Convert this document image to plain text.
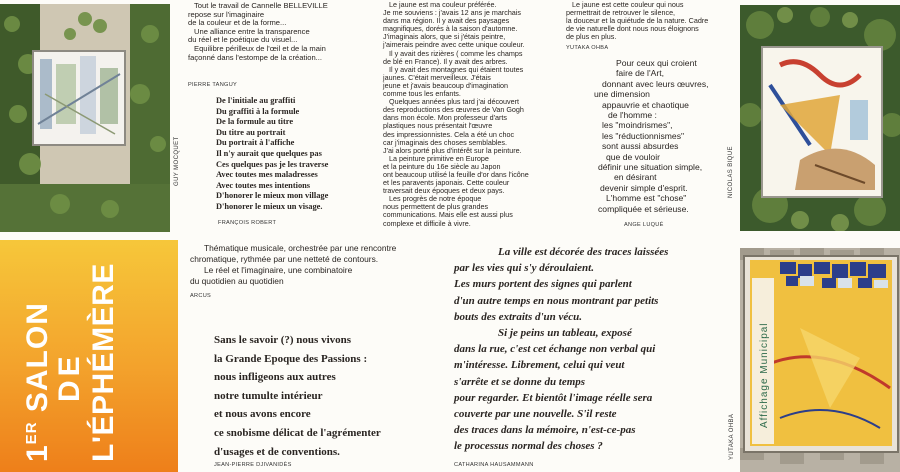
GUY MOCQUET

Tout le travail de Cannelle BELLEVILLE

repose sur l'imaginaire

de la couleur et de la forme...

Une alliance entre la transparence

du réel et le poétique du visuel...

Equilibre périlleux de l'œil et de la main

façonné dans l'estompe de la création...

PIERRE TANGUY

De l'initiale au graffiti

Du graffiti à la formule

De la formule au titre

Du titre au portrait

Du portrait à l'affiche

Il n'y aurait que quelques pas

Ces quelques pas je les traverse

Avec toutes mes maladresses

Avec toutes mes intentions

D'honorer le mieux mon village

D'honorer le mieux un visage.

FRANÇOIS ROBERT

Le jaune est ma couleur préférée.

Je me souviens : j'avais 12 ans je marchais

dans ma région. Il y avait des paysages

magnifiques, dorés à la saison d'automne.

J'imaginais alors, que si j'étais peintre,

j'aimerais peindre avec cette unique couleur.

Il y avait des rizières ( comme les champs

de blé en France). Il y avait des arbres.

Il y avait des montagnes qui étaient toutes

jaunes. C'était merveilleux. J'étais

jeune et j'avais beaucoup d'imagination

comme tous les enfants.

Quelques années plus tard j'ai découvert

des reproductions des œuvres de Van Gogh

dans mon école. Mon professeur d'arts

plastiques nous présentait l'œuvre

des impressionnistes. Cela a été un choc

car j'imaginais des choses semblables.

J'ai alors porté plus d'intérêt sur la peinture.

La peinture primitive en Europe

et la peinture du 16e siècle au Japon

ont beaucoup utilisé la feuille d'or dans l'icône

et les paravents japonais. Cette couleur

traversait deux époques et deux pays.

Les progrès de notre époque

nous permettent de plus grandes

communications. Mais elle est aussi plus

complexe et difficile à vivre.

Le jaune est cette couleur qui nous

permettrait de retrouver le silence,

la douceur et la quiétude de la nature. Cadre

de vie naturelle dont nous nous éloignons

de plus en plus.

YUTAKA OHBA

Pour ceux qui croient

faire de l'Art,

donnant avec leurs œuvres,

une dimension

appauvrie et chaotique

de l'homme :

les "moindrismes",

les "réductionnismes"

sont aussi absurdes

que de vouloir

définir une situation simple,

en désirant

devenir simple d'esprit.

L'homme est "chose"

compliquée et sérieuse.

ANGE LUQUÉ
NICOLAS BIQUE
1ER SALON DE L'ÉPHÉMÈRE

Thématique musicale, orchestrée par une rencontre

chromatique, rythmée par une netteté de contours.

Le réel et l'imaginaire, une combinatoire

du quotidien au quotidien

ARCUS

Sans le savoir (?) nous vivons

la Grande Epoque des Passions :

nous infligeons aux autres

notre tumulte intérieur

et nous avons encore

ce snobisme délicat de l'agrémenter

d'usages et de conventions.

JEAN-PIERRE DJIVANIDÈS

La ville est décorée des traces laissées

par les vies qui s'y déroulaient.

Les murs portent des signes qui parlent

d'un autre temps en nous montrant par petits

bouts des extraits d'un vécu.

Si je peins un tableau, exposé

dans la rue, c'est cet échange non verbal qui

m'intéresse. Librement, celui qui veut

s'arrête et se donne du temps

pour regarder. Et bientôt l'image réelle sera

couverte par une nouvelle. S'il reste

des traces dans la mémoire, n'est-ce-pas

le processus normal des choses ?

CATHARINA HAUSAMMANN
YUTAKA OHBA
Affichage Municipal
